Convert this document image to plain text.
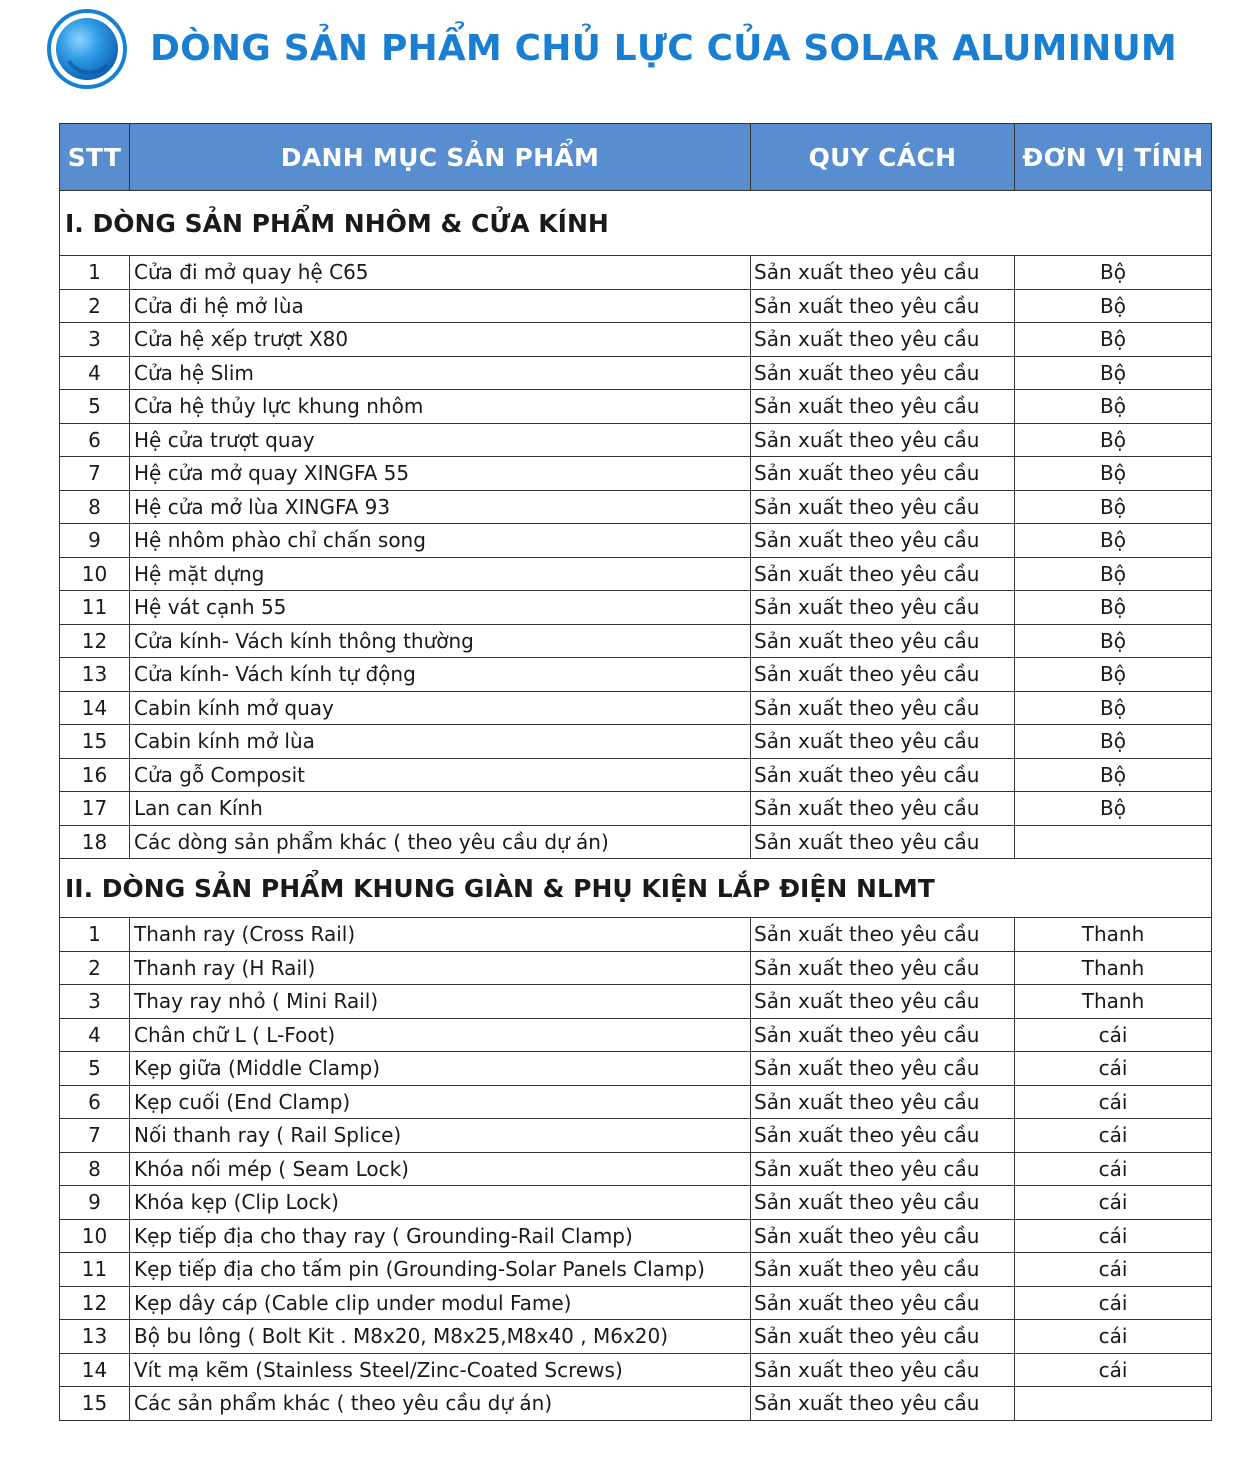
DÒNG SẢN PHẨM CHỦ LỰC CỦA SOLAR ALUMINUM
STT	DANH MỤC SẢN PHẨM	QUY CÁCH	ĐƠN VỊ TÍNH
I. DÒNG SẢN PHẨM NHÔM & CỬA KÍNH			
1	Cửa đi mở quay hệ C65	Sản xuất theo yêu cầu	Bộ
2	Cửa đi hệ mở lùa	Sản xuất theo yêu cầu	Bộ
3	Cửa hệ xếp trượt X80	Sản xuất theo yêu cầu	Bộ
4	Cửa hệ Slim	Sản xuất theo yêu cầu	Bộ
5	Cửa hệ thủy lực khung nhôm	Sản xuất theo yêu cầu	Bộ
6	Hệ cửa trượt quay	Sản xuất theo yêu cầu	Bộ
7	Hệ cửa mở quay XINGFA 55	Sản xuất theo yêu cầu	Bộ
8	Hệ cửa mở lùa XINGFA 93	Sản xuất theo yêu cầu	Bộ
9	Hệ nhôm phào chỉ chấn song	Sản xuất theo yêu cầu	Bộ
10	Hệ mặt dựng	Sản xuất theo yêu cầu	Bộ
11	Hệ vát cạnh 55	Sản xuất theo yêu cầu	Bộ
12	Cửa kính- Vách kính thông thường	Sản xuất theo yêu cầu	Bộ
13	Cửa kính- Vách kính tự động	Sản xuất theo yêu cầu	Bộ
14	Cabin kính mở quay	Sản xuất theo yêu cầu	Bộ
15	Cabin kính mở lùa	Sản xuất theo yêu cầu	Bộ
16	Cửa gỗ Composit	Sản xuất theo yêu cầu	Bộ
17	Lan can Kính	Sản xuất theo yêu cầu	Bộ
18	Các dòng sản phẩm khác ( theo yêu cầu dự án)	Sản xuất theo yêu cầu	
II. DÒNG SẢN PHẨM KHUNG GIÀN & PHỤ KIỆN LẮP ĐIỆN NLMT			
1	Thanh ray (Cross Rail)	Sản xuất theo yêu cầu	Thanh
2	Thanh ray (H Rail)	Sản xuất theo yêu cầu	Thanh
3	Thay ray nhỏ ( Mini Rail)	Sản xuất theo yêu cầu	Thanh
4	Chân chữ L ( L-Foot)	Sản xuất theo yêu cầu	cái
5	Kẹp giữa (Middle Clamp)	Sản xuất theo yêu cầu	cái
6	Kẹp cuối (End Clamp)	Sản xuất theo yêu cầu	cái
7	Nối thanh ray ( Rail Splice)	Sản xuất theo yêu cầu	cái
8	Khóa nối mép ( Seam Lock)	Sản xuất theo yêu cầu	cái
9	Khóa kẹp (Clip Lock)	Sản xuất theo yêu cầu	cái
10	Kẹp tiếp địa cho thay ray ( Grounding-Rail Clamp)	Sản xuất theo yêu cầu	cái
11	Kẹp tiếp địa cho tấm pin (Grounding-Solar Panels Clamp)	Sản xuất theo yêu cầu	cái
12	Kẹp dây cáp (Cable clip under modul Fame)	Sản xuất theo yêu cầu	cái
13	Bộ bu lông ( Bolt Kit . M8x20, M8x25,M8x40 , M6x20)	Sản xuất theo yêu cầu	cái
14	Vít mạ kẽm (Stainless Steel/Zinc-Coated Screws)	Sản xuất theo yêu cầu	cái
15	Các sản phẩm khác ( theo yêu cầu dự án)	Sản xuất theo yêu cầu	
